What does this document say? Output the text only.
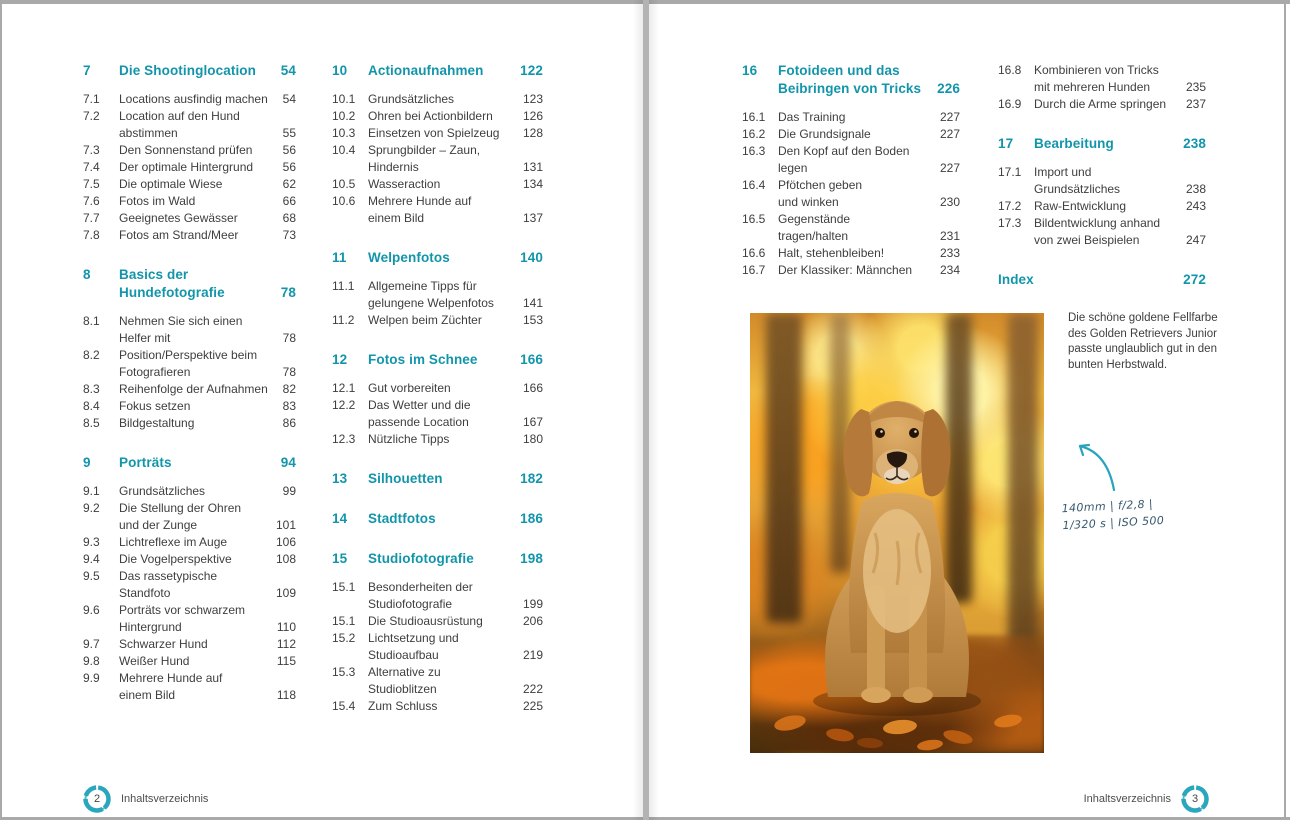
7	Die Shootinglocation	54
7.1	Locations ausfindig machen	54
7.2	Location auf den Hund
abstimmen	55
7.3	Den Sonnenstand prüfen	56
7.4	Der optimale Hintergrund	56
7.5	Die optimale Wiese	62
7.6	Fotos im Wald	66
7.7	Geeignetes Gewässer	68
7.8	Fotos am Strand/Meer	73
8	Basics der
Hundefotografie	78
8.1	Nehmen Sie sich einen
Helfer mit	78
8.2	Position/Perspektive beim
Fotografieren	78
8.3	Reihenfolge der Aufnahmen	82
8.4	Fokus setzen	83
8.5	Bildgestaltung	86
9	Porträts	94
9.1	Grundsätzliches	99
9.2	Die Stellung der Ohren
und der Zunge	101
9.3	Lichtreflexe im Auge	106
9.4	Die Vogelperspektive	108
9.5	Das rassetypische
Standfoto	109
9.6	Porträts vor schwarzem
Hintergrund	110
9.7	Schwarzer Hund	112
9.8	Weißer Hund	115
9.9	Mehrere Hunde auf
einem Bild	118
10	Actionaufnahmen	122
10.1	Grundsätzliches	123
10.2	Ohren bei Actionbildern	126
10.3	Einsetzen von Spielzeug	128
10.4	Sprungbilder – Zaun,
Hindernis	131
10.5	Wasseraction	134
10.6	Mehrere Hunde auf
einem Bild	137
11	Welpenfotos	140
11.1	Allgemeine Tipps für
gelungene Welpenfotos	141
11.2	Welpen beim Züchter	153
12	Fotos im Schnee	166
12.1	Gut vorbereiten	166
12.2	Das Wetter und die
passende Location	167
12.3	Nützliche Tipps	180
13	Silhouetten	182
14	Stadtfotos	186
15	Studiofotografie	198
15.1	Besonderheiten der
Studiofotografie	199
15.1	Die Studioausrüstung	206
15.2	Lichtsetzung und
Studioaufbau	219
15.3	Alternative zu
Studioblitzen	222
15.4	Zum Schluss	225
16	Fotoideen und das
Beibringen von Tricks	226
16.1	Das Training	227
16.2	Die Grundsignale	227
16.3	Den Kopf auf den Boden
legen	227
16.4	Pfötchen geben
und winken	230
16.5	Gegenstände
tragen/halten	231
16.6	Halt, stehenbleiben!	233
16.7	Der Klassiker: Männchen	234
16.8	Kombinieren von Tricks
mit mehreren Hunden	235
16.9	Durch die Arme springen	237
17	Bearbeitung	238
17.1	Import und
Grundsätzliches	238
17.2	Raw-Entwicklung	243
17.3	Bildentwicklung anhand
von zwei Beispielen	247
Index	272
Die schöne goldene Fellfarbe des Golden Retrievers Junior passte unglaublich gut in den bunten Herbstwald.
140mm | f/2,8 |
1/320 s | ISO 500
2	Inhaltsverzeichnis	Inhaltsverzeichnis	3
